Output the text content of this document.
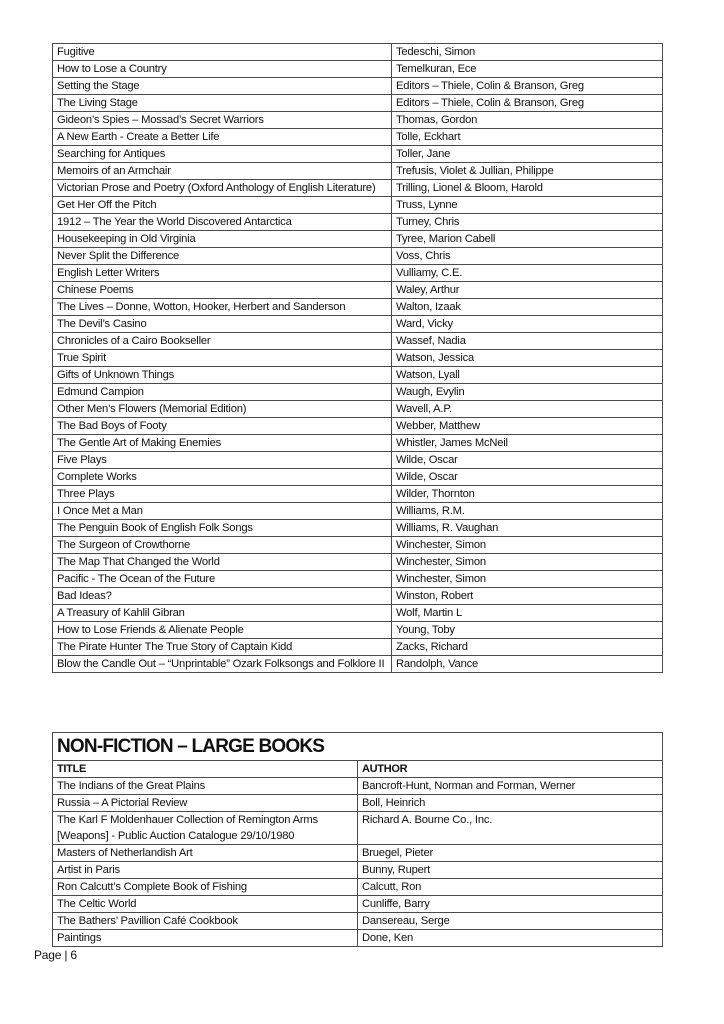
Fugitive	Tedeschi, Simon
How to Lose a Country	Temelkuran, Ece
Setting the Stage	Editors – Thiele, Colin & Branson, Greg
The Living Stage	Editors – Thiele, Colin & Branson, Greg
Gideon’s Spies – Mossad’s Secret Warriors	Thomas, Gordon
A New Earth - Create a Better Life	Tolle, Eckhart
Searching for Antiques	Toller, Jane
Memoirs of an Armchair	Trefusis, Violet & Jullian, Philippe
Victorian Prose and Poetry (Oxford Anthology of English Literature)	Trilling, Lionel & Bloom, Harold
Get Her Off the Pitch	Truss, Lynne
1912 – The Year the World Discovered Antarctica	Turney, Chris
Housekeeping in Old Virginia	Tyree, Marion Cabell
Never Split the Difference	Voss, Chris
English Letter Writers	Vulliamy, C.E.
Chinese Poems	Waley, Arthur
The Lives – Donne, Wotton, Hooker, Herbert and Sanderson	Walton, Izaak
The Devil’s Casino	Ward, Vicky
Chronicles of a Cairo Bookseller	Wassef, Nadia
True Spirit	Watson, Jessica
Gifts of Unknown Things	Watson, Lyall
Edmund Campion	Waugh, Evylin
Other Men’s Flowers (Memorial Edition)	Wavell, A.P.
The Bad Boys of Footy	Webber, Matthew
The Gentle Art of Making Enemies	Whistler, James McNeil
Five Plays	Wilde, Oscar
Complete Works	Wilde, Oscar
Three Plays	Wilder, Thornton
I Once Met a Man	Williams, R.M.
The Penguin Book of English Folk Songs	Williams, R. Vaughan
The Surgeon of Crowthorne	Winchester, Simon
The Map That Changed the World	Winchester, Simon
Pacific - The Ocean of the Future	Winchester, Simon
Bad Ideas?	Winston, Robert
A Treasury of Kahlil Gibran	Wolf, Martin L
How to Lose Friends & Alienate People	Young, Toby
The Pirate Hunter The True Story of Captain Kidd	Zacks, Richard
Blow the Candle Out – “Unprintable” Ozark Folksongs and Folklore II	Randolph, Vance
NON-FICTION – LARGE BOOKS	
TITLE	AUTHOR
The Indians of the Great Plains	Bancroft-Hunt, Norman and Forman, Werner
Russia – A Pictorial Review	Boll, Heinrich
The Karl F Moldenhauer Collection of Remington Arms [Weapons] - Public Auction Catalogue 29/10/1980	Richard A. Bourne Co., Inc.
Masters of Netherlandish Art	Bruegel, Pieter
Artist in Paris	Bunny, Rupert
Ron Calcutt’s Complete Book of Fishing	Calcutt, Ron
The Celtic World	Cunliffe, Barry
The Bathers’ Pavillion Café Cookbook	Dansereau, Serge
Paintings	Done, Ken
Page | 6
